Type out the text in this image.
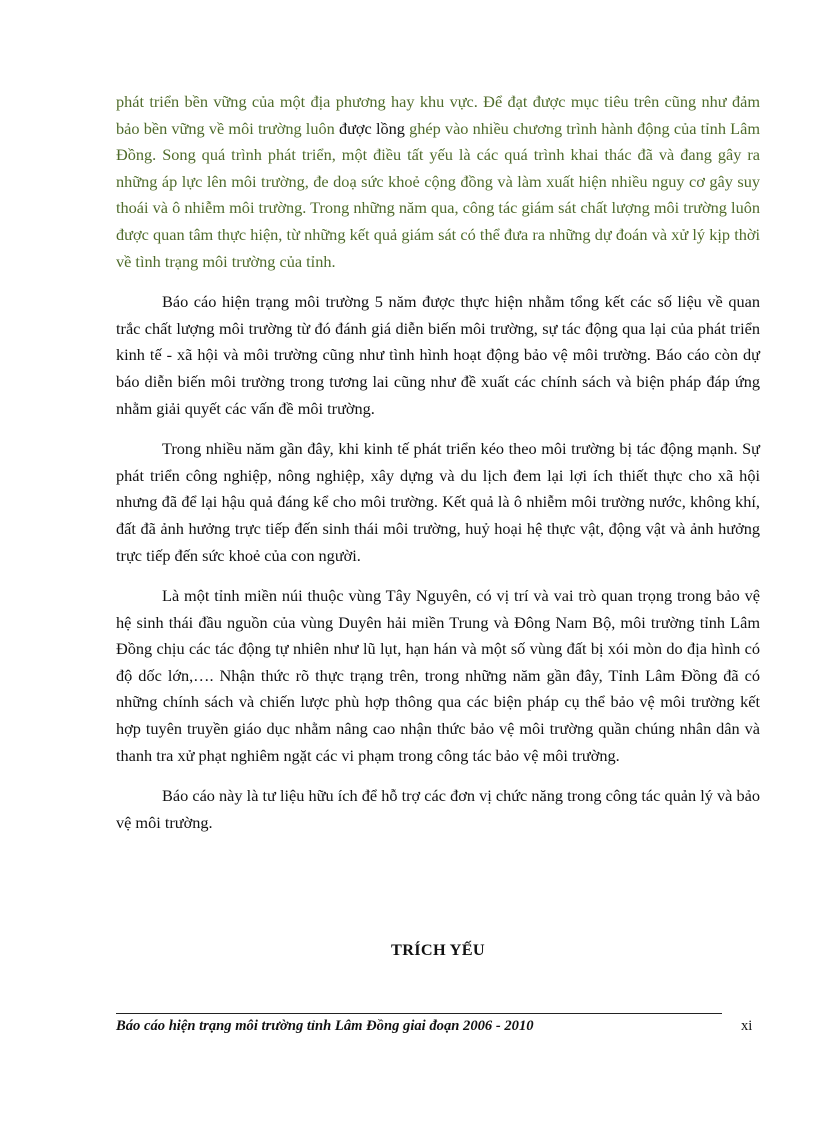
phát triển bền vững của một địa phương hay khu vực. Để đạt được mục tiêu trên cũng như đảm bảo bền vững về môi trường luôn được lồng ghép vào nhiều chương trình hành động của tỉnh Lâm Đồng. Song quá trình phát triển, một điều tất yếu là các quá trình khai thác đã và đang gây ra những áp lực lên môi trường, đe doạ sức khoẻ cộng đồng và làm xuất hiện nhiều nguy cơ gây suy thoái và ô nhiễm môi trường. Trong những năm qua, công tác giám sát chất lượng môi trường luôn được quan tâm thực hiện, từ những kết quả giám sát có thể đưa ra những dự đoán và xử lý kịp thời về tình trạng môi trường của tỉnh.

Báo cáo hiện trạng môi trường 5 năm được thực hiện nhằm tổng kết các số liệu về quan trắc chất lượng môi trường từ đó đánh giá diễn biến môi trường, sự tác động qua lại của phát triển kinh tế - xã hội và môi trường cũng như tình hình hoạt động bảo vệ môi trường. Báo cáo còn dự báo diễn biến môi trường trong tương lai cũng như đề xuất các chính sách và biện pháp đáp ứng nhằm giải quyết các vấn đề môi trường.

Trong nhiều năm gần đây, khi kinh tế phát triển kéo theo môi trường bị tác động mạnh. Sự phát triển công nghiệp, nông nghiệp, xây dựng và du lịch đem lại lợi ích thiết thực cho xã hội nhưng đã để lại hậu quả đáng kể cho môi trường. Kết quả là ô nhiễm môi trường nước, không khí, đất đã ảnh hưởng trực tiếp đến sinh thái môi trường, huỷ hoại hệ thực vật, động vật và ảnh hưởng trực tiếp đến sức khoẻ của con người.

Là một tỉnh miền núi thuộc vùng Tây Nguyên, có vị trí và vai trò quan trọng trong bảo vệ hệ sinh thái đầu nguồn của vùng Duyên hải miền Trung và Đông Nam Bộ, môi trường tỉnh Lâm Đồng chịu các tác động tự nhiên như lũ lụt, hạn hán và một số vùng đất bị xói mòn do địa hình có độ dốc lớn,…. Nhận thức rõ thực trạng trên, trong những năm gần đây, Tỉnh Lâm Đồng đã có những chính sách và chiến lược phù hợp thông qua các biện pháp cụ thể bảo vệ môi trường kết hợp tuyên truyền giáo dục nhằm nâng cao nhận thức bảo vệ môi trường quần chúng nhân dân và thanh tra xử phạt nghiêm ngặt các vi phạm trong công tác bảo vệ môi trường.

Báo cáo này là tư liệu hữu ích để hỗ trợ các đơn vị chức năng trong công tác quản lý và bảo vệ môi trường.

TRÍCH YẾU
Báo cáo hiện trạng môi trường tỉnh Lâm Đồng giai đoạn 2006 - 2010	xi
